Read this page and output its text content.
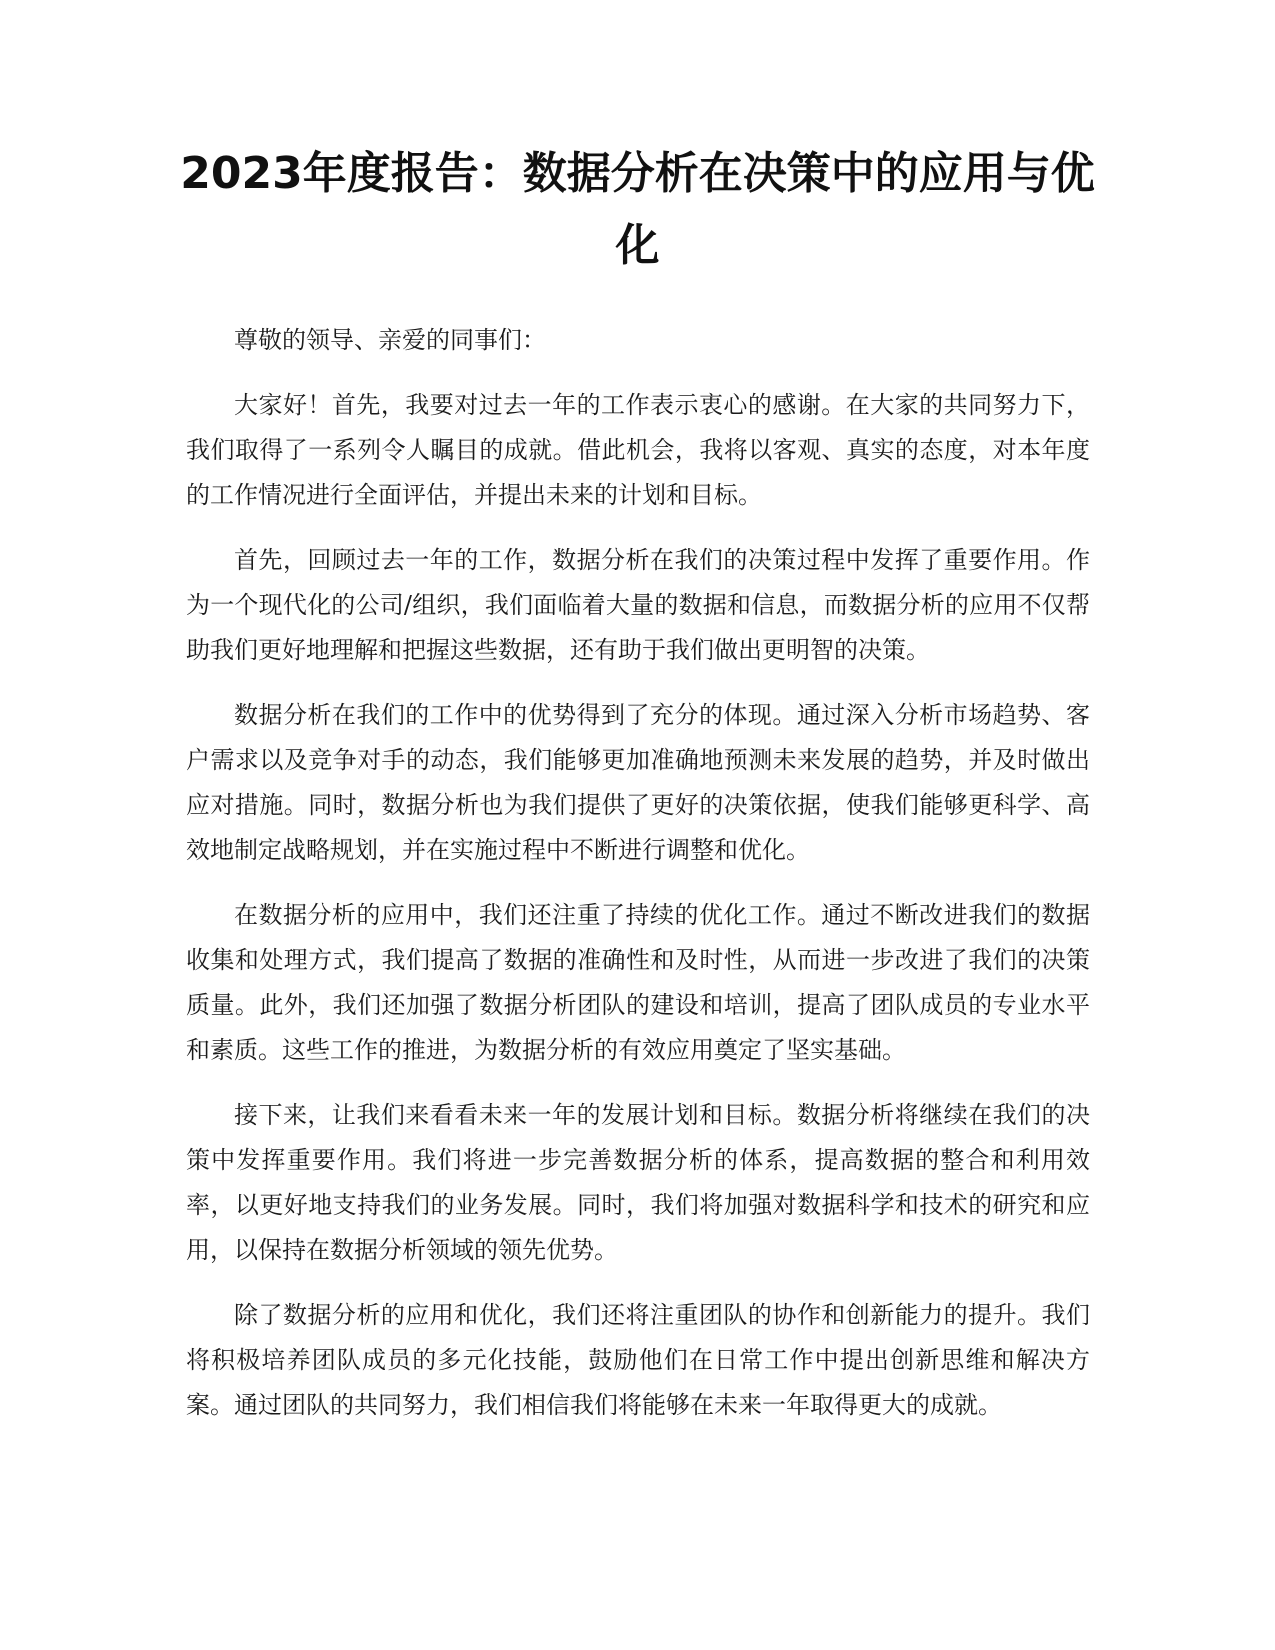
2023年度报告：数据分析在决策中的应用与优化

尊敬的领导、亲爱的同事们：

大家好！首先，我要对过去一年的工作表示衷心的感谢。在大家的共同努力下，我们取得了一系列令人瞩目的成就。借此机会，我将以客观、真实的态度，对本年度的工作情况进行全面评估，并提出未来的计划和目标。

首先，回顾过去一年的工作，数据分析在我们的决策过程中发挥了重要作用。作为一个现代化的公司/组织，我们面临着大量的数据和信息，而数据分析的应用不仅帮助我们更好地理解和把握这些数据，还有助于我们做出更明智的决策。

数据分析在我们的工作中的优势得到了充分的体现。通过深入分析市场趋势、客户需求以及竞争对手的动态，我们能够更加准确地预测未来发展的趋势，并及时做出应对措施。同时，数据分析也为我们提供了更好的决策依据，使我们能够更科学、高效地制定战略规划，并在实施过程中不断进行调整和优化。

在数据分析的应用中，我们还注重了持续的优化工作。通过不断改进我们的数据收集和处理方式，我们提高了数据的准确性和及时性，从而进一步改进了我们的决策质量。此外，我们还加强了数据分析团队的建设和培训，提高了团队成员的专业水平和素质。这些工作的推进，为数据分析的有效应用奠定了坚实基础。

接下来，让我们来看看未来一年的发展计划和目标。数据分析将继续在我们的决策中发挥重要作用。我们将进一步完善数据分析的体系，提高数据的整合和利用效率，以更好地支持我们的业务发展。同时，我们将加强对数据科学和技术的研究和应用，以保持在数据分析领域的领先优势。

除了数据分析的应用和优化，我们还将注重团队的协作和创新能力的提升。我们将积极培养团队成员的多元化技能，鼓励他们在日常工作中提出创新思维和解决方案。通过团队的共同努力，我们相信我们将能够在未来一年取得更大的成就。
